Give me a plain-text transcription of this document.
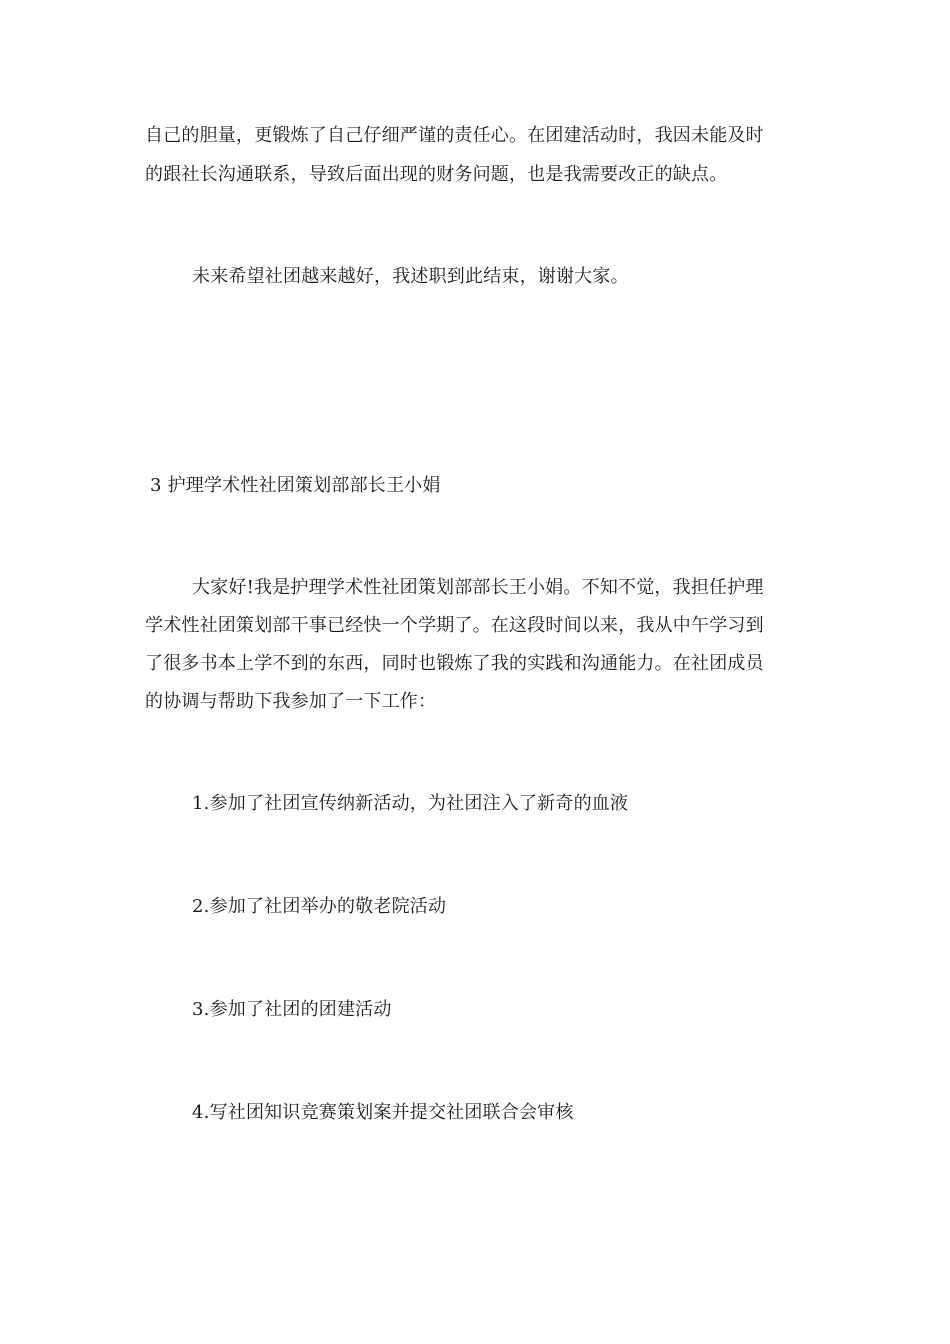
自己的胆量，更锻炼了自己仔细严谨的责任心。在团建活动时，我因未能及时
的跟社长沟通联系，导致后面出现的财务问题，也是我需要改正的缺点。
未来希望社团越来越好，我述职到此结束，谢谢大家。
3 护理学术性社团策划部部长王小娟
大家好!我是护理学术性社团策划部部长王小娟。不知不觉，我担任护理
学术性社团策划部干事已经快一个学期了。在这段时间以来，我从中午学习到
了很多书本上学不到的东西，同时也锻炼了我的实践和沟通能力。在社团成员
的协调与帮助下我参加了一下工作：
1.参加了社团宣传纳新活动，为社团注入了新奇的血液
2.参加了社团举办的敬老院活动
3.参加了社团的团建活动
4.写社团知识竞赛策划案并提交社团联合会审核
